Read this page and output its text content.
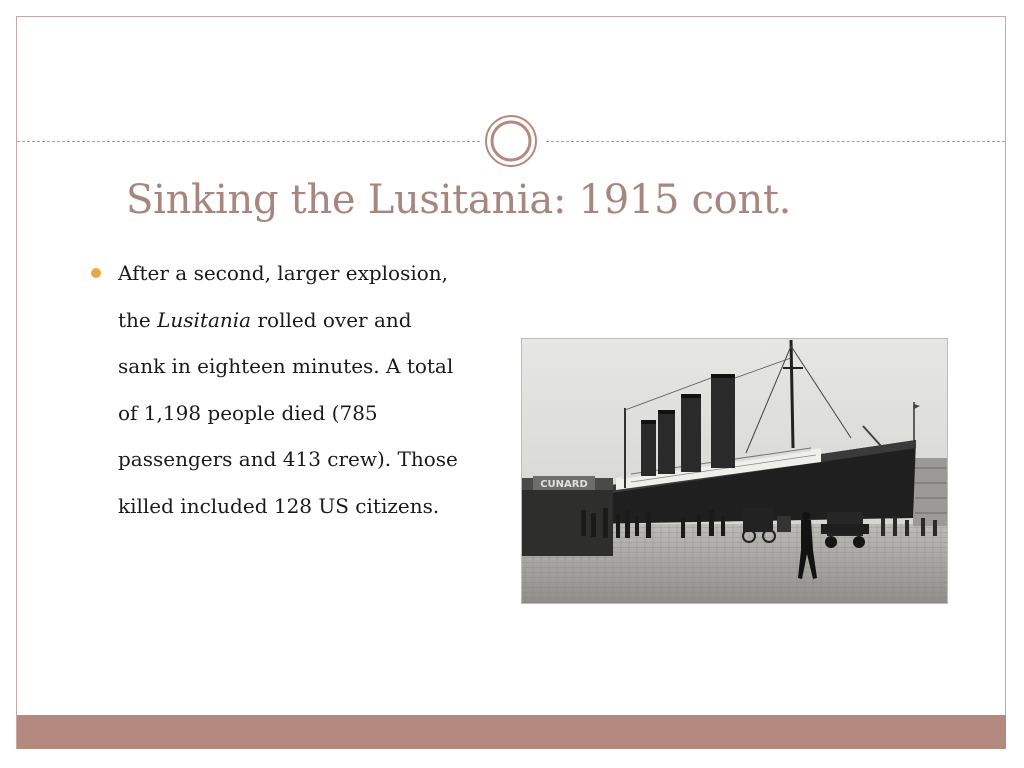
Sinking the Lusitania: 1915 cont.
After a second, larger explosion,
the Lusitania rolled over and
sank in eighteen minutes. A total
of 1,198 people died (785
passengers and 413 crew). Those
killed included 128 US citizens.
CUNARD
